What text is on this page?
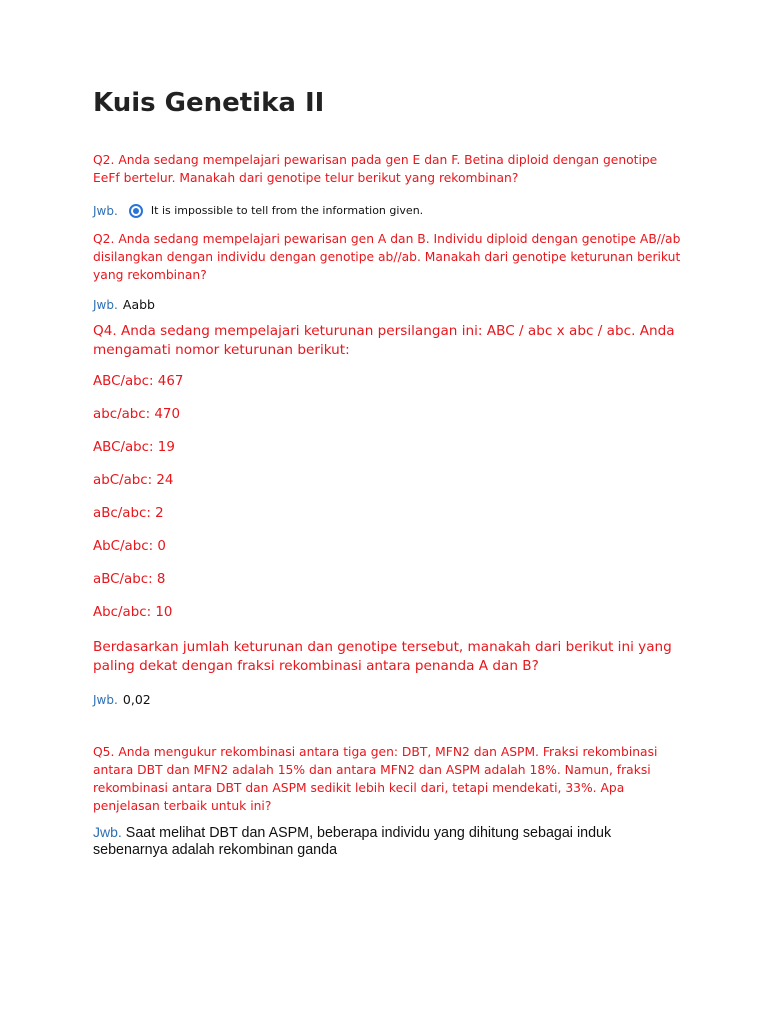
Kuis Genetika II

Q2. Anda sedang mempelajari pewarisan pada gen E dan F. Betina diploid dengan genotipe EeFf bertelur. Manakah dari genotipe telur berikut yang rekombinan?

Jwb.	It is impossible to tell from the information given.

Q2. Anda sedang mempelajari pewarisan gen A dan B. Individu diploid dengan genotipe AB//ab disilangkan dengan individu dengan genotipe ab//ab. Manakah dari genotipe keturunan berikut yang rekombinan?

Jwb. Aabb

Q4. Anda sedang mempelajari keturunan persilangan ini: ABC / abc x abc / abc. Anda mengamati nomor keturunan berikut:

ABC/abc: 467

abc/abc: 470

ABC/abc: 19

abC/abc: 24

aBc/abc: 2

AbC/abc: 0

aBC/abc: 8

Abc/abc: 10

Berdasarkan jumlah keturunan dan genotipe tersebut, manakah dari berikut ini yang paling dekat dengan fraksi rekombinasi antara penanda A dan B?

Jwb. 0,02

Q5. Anda mengukur rekombinasi antara tiga gen: DBT, MFN2 dan ASPM. Fraksi rekombinasi antara DBT dan MFN2 adalah 15% dan antara MFN2 dan ASPM adalah 18%. Namun, fraksi rekombinasi antara DBT dan ASPM sedikit lebih kecil dari, tetapi mendekati, 33%. Apa penjelasan terbaik untuk ini?

Jwb. Saat melihat DBT dan ASPM, beberapa individu yang dihitung sebagai induk sebenarnya adalah rekombinan ganda
